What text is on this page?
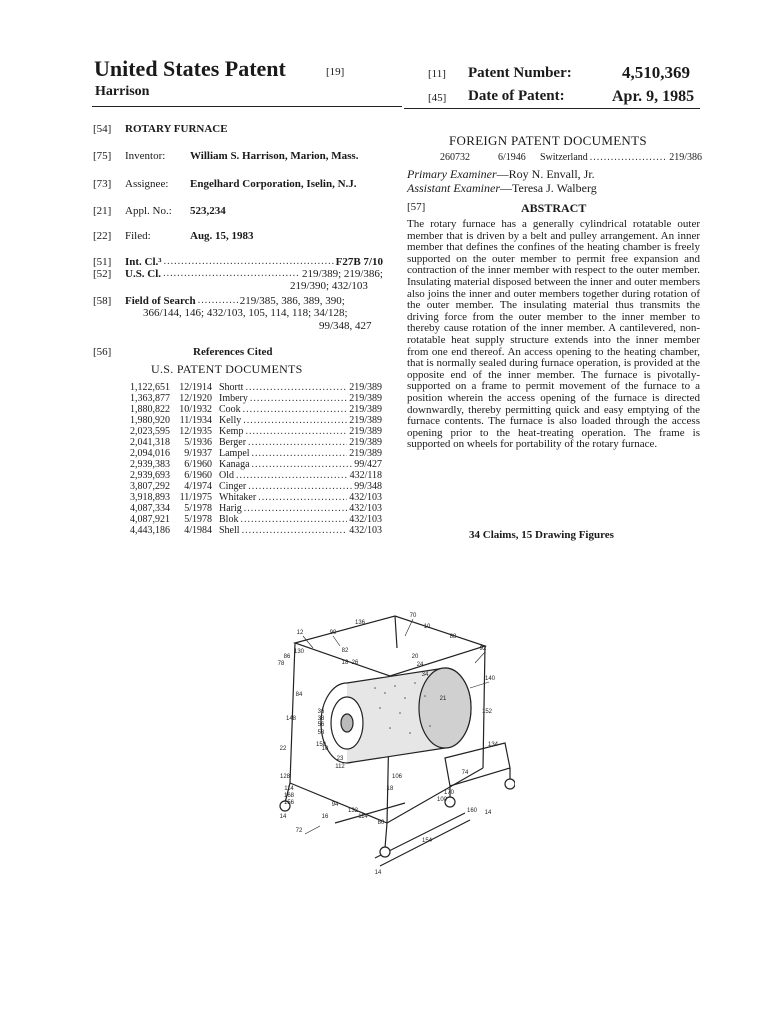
United States Patent	[19]
Harrison
[11] Patent Number:	4,510,369
[45] Date of Patent:	Apr. 9, 1985
[54] ROTARY FURNACE
[75] Inventor: William S. Harrison, Marion, Mass.
[73] Assignee: Engelhard Corporation, Iselin, N.J.
[21] Appl. No.: 523,234
[22] Filed:	Aug. 15, 1983
[51] Int. Cl.³ .....	F27B 7/10
[52] U.S. Cl. .....	219/389; 219/386;
219/390; 432/103
[58] Field of Search .....	219/385, 386, 389, 390;
366/144, 146; 432/103, 105, 114, 118; 34/128;
99/348, 427
[56]	References Cited
U.S. PATENT DOCUMENTS
1,122,651 12/1914 Shortt .....	219/389
1,363,877 12/1920 Imbery .....	219/389
1,880,822 10/1932 Cook .....	219/389
1,980,920 11/1934 Kelly .....	219/389
2,023,595 12/1935 Kemp .....	219/389
2,041,318	5/1936 Berger .....	219/389
2,094,016	9/1937 Lampel .....	219/389
2,939,383	6/1960 Kanaga .....	99/427
2,939,693	6/1960 Old .....	432/118
3,807,292	4/1974 Cinger .....	99/348
3,918,893 11/1975 Whitaker .....	432/103
4,087,334	5/1978 Harig .....	432/103
4,087,921	5/1978 Blok .....	432/103
4,443,186	4/1984 Shell .....	432/103
FOREIGN PATENT DOCUMENTS
260732	6/1946	Switzerland .....	219/386
Primary Examiner—Roy N. Envall, Jr.
Assistant Examiner—Teresa J. Walberg
[57]	ABSTRACT
The rotary furnace has a generally cylindrical rotatable outer member that is driven by a belt and pulley arrangement. An inner member that defines the confines of the heating chamber is freely supported on the outer member to permit free expansion and contraction of the inner member with respect to the outer member. Insulating material disposed between the inner and outer members also joins the inner and outer members together during rotation of the outer member. The insulating material thus transmits the driving force from the outer member to the inner member to thereby cause rotation of the inner member. A cantilevered, non-rotatable heat supply structure extends into the inner member from one end thereof. An access opening to the heating chamber, that is normally sealed during furnace operation, is provided at the opposite end of the inner member. The furnace is pivotally-supported on a frame to permit movement of the furnace to a position wherein the access opening of the furnace is directed downwardly, thereby permitting quick and easy emptying of the furnace contents. The furnace is also loaded through the access opening prior to the heat-treating operation. The frame is supported on wheels for portability of the rotary furnace.
34 Claims, 15 Drawing Figures
70
10
136
12	90
88
92
86
130
78
82
18 26	24
20
34
140
21
84
36
38
148
56
58
22
150
152
10
134
23
112
74
106
128
18
170
100
114
168
156	94
132
114
80
160 14
16
154
72
14
14
